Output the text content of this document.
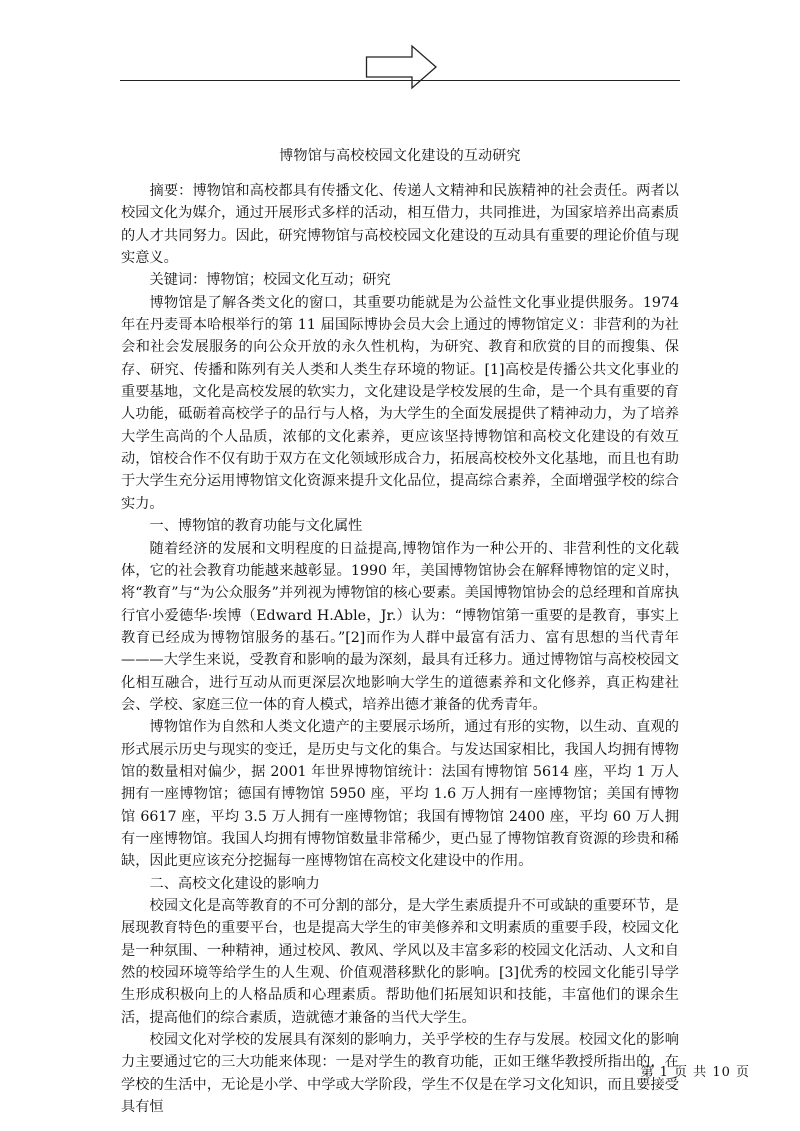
博物馆与高校校园文化建设的互动研究

摘要：博物馆和高校都具有传播文化、传递人文精神和民族精神的社会责任。两者以校园文化为媒介，通过开展形式多样的活动，相互借力，共同推进，为国家培养出高素质的人才共同努力。因此，研究博物馆与高校校园文化建设的互动具有重要的理论价值与现实意义。

关键词：博物馆；校园文化互动；研究

博物馆是了解各类文化的窗口，其重要功能就是为公益性文化事业提供服务。1974 年在丹麦哥本哈根举行的第 11 届国际博协会员大会上通过的博物馆定义：非营利的为社会和社会发展服务的向公众开放的永久性机构，为研究、教育和欣赏的目的而搜集、保存、研究、传播和陈列有关人类和人类生存环境的物证。[1]高校是传播公共文化事业的重要基地，文化是高校发展的软实力，文化建设是学校发展的生命，是一个具有重要的育人功能，砥砺着高校学子的品行与人格，为大学生的全面发展提供了精神动力，为了培养大学生高尚的个人品质，浓郁的文化素养，更应该坚持博物馆和高校文化建设的有效互动，馆校合作不仅有助于双方在文化领域形成合力，拓展高校校外文化基地，而且也有助于大学生充分运用博物馆文化资源来提升文化品位，提高综合素养，全面增强学校的综合实力。

一、博物馆的教育功能与文化属性

随着经济的发展和文明程度的日益提高,博物馆作为一种公开的、非营利性的文化载体，它的社会教育功能越来越彰显。1990 年，美国博物馆协会在解释博物馆的定义时，将“教育”与“为公众服务”并列视为博物馆的核心要素。美国博物馆协会的总经理和首席执行官小爱德华·埃博（Edward H.Able，Jr.）认为：“博物馆第一重要的是教育，事实上教育已经成为博物馆服务的基石。”[2]而作为人群中最富有活力、富有思想的当代青年———大学生来说，受教育和影响的最为深刻，最具有迁移力。通过博物馆与高校校园文化相互融合，进行互动从而更深层次地影响大学生的道德素养和文化修养，真正构建社会、学校、家庭三位一体的育人模式，培养出德才兼备的优秀青年。

博物馆作为自然和人类文化遗产的主要展示场所，通过有形的实物，以生动、直观的形式展示历史与现实的变迁，是历史与文化的集合。与发达国家相比，我国人均拥有博物馆的数量相对偏少，据 2001 年世界博物馆统计：法国有博物馆 5614 座，平均 1 万人拥有一座博物馆；德国有博物馆 5950 座，平均 1.6 万人拥有一座博物馆；美国有博物馆 6617 座，平均 3.5 万人拥有一座博物馆；我国有博物馆 2400 座，平均 60 万人拥有一座博物馆。我国人均拥有博物馆数量非常稀少，更凸显了博物馆教育资源的珍贵和稀缺，因此更应该充分挖掘每一座博物馆在高校文化建设中的作用。

二、高校文化建设的影响力

校园文化是高等教育的不可分割的部分，是大学生素质提升不可或缺的重要环节，是展现教育特色的重要平台，也是提高大学生的审美修养和文明素质的重要手段，校园文化是一种氛围、一种精神，通过校风、教风、学风以及丰富多彩的校园文化活动、人文和自然的校园环境等给学生的人生观、价值观潜移默化的影响。[3]优秀的校园文化能引导学生形成积极向上的人格品质和心理素质。帮助他们拓展知识和技能，丰富他们的课余生活，提高他们的综合素质，造就德才兼备的当代大学生。

校园文化对学校的发展具有深刻的影响力，关乎学校的生存与发展。校园文化的影响力主要通过它的三大功能来体现：一是对学生的教育功能，正如王继华教授所指出的，在学校的生活中，无论是小学、中学或大学阶段，学生不仅是在学习文化知识，而且要接受具有恒

第 1 页 共 10 页
